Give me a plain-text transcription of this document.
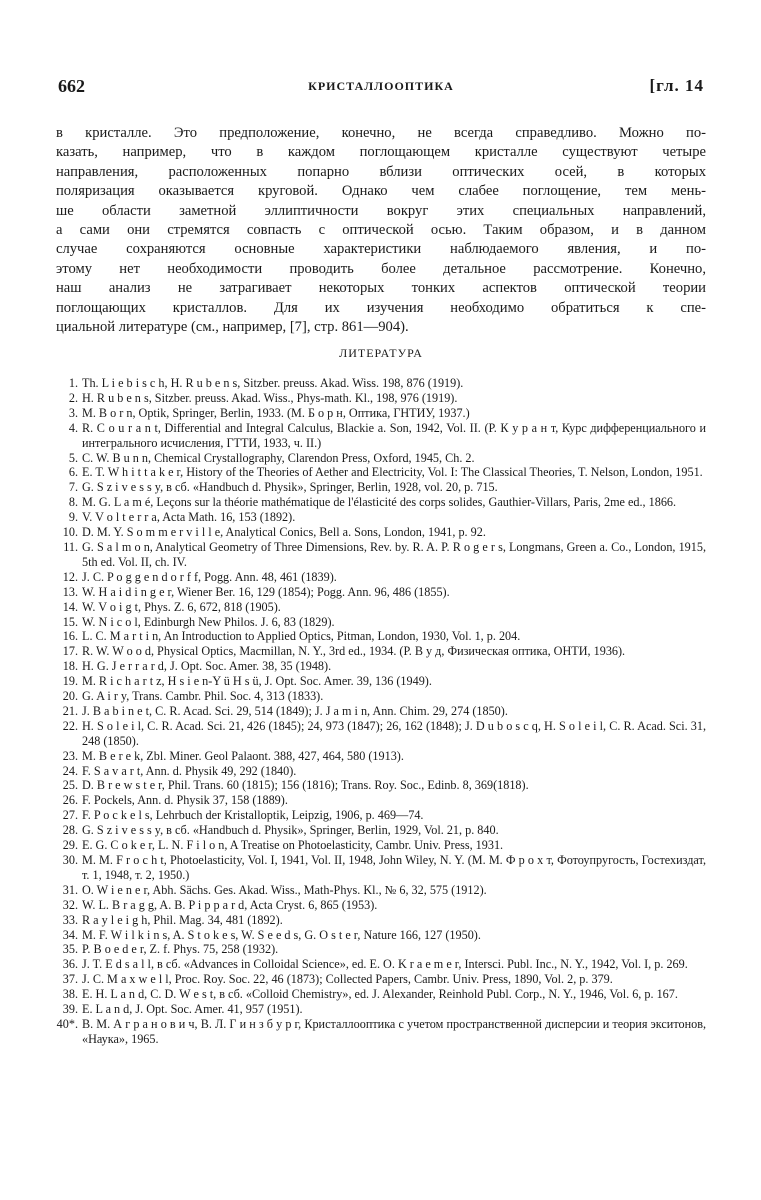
662	КРИСТАЛЛООПТИКА	[гл. 14
в кристалле. Это предположение, конечно, не всегда справедливо. Можно по-
казать, например, что в каждом поглощающем кристалле существуют четыре
направления, расположенных попарно вблизи оптических осей, в которых
поляризация оказывается круговой. Однако чем слабее поглощение, тем мень-
ше области заметной эллиптичности вокруг этих специальных направлений,
а сами они стремятся совпасть с оптической осью. Таким образом, и в данном
случае сохраняются основные характеристики наблюдаемого явления, и по-
этому нет необходимости проводить более детальное рассмотрение. Конечно,
наш анализ не затрагивает некоторых тонких аспектов оптической теории
поглощающих кристаллов. Для их изучения необходимо обратиться к спе-
циальной литературе (см., например, [7], стр. 861—904).
ЛИТЕРАТУРА
1. Th. L i e b i s c h, H. R u b e n s, Sitzber. preuss. Akad. Wiss. 198, 876 (1919).
2. H. R u b e n s, Sitzber. preuss. Akad. Wiss., Phys-math. Kl., 198, 976 (1919).
3. M. B o r n, Optik, Springer, Berlin, 1933. (М. Б о р н, Оптика, ГНТИУ, 1937.)
4. R. C o u r a n t, Differential and Integral Calculus, Blackie a. Son, 1942, Vol. II. (Р. К у р а н т, Курс дифференциального и интегрального исчисления, ГТТИ, 1933, ч. II.)
5. C. W. B u n n, Chemical Crystallography, Clarendon Press, Oxford, 1945, Ch. 2.
6. E. T. W h i t t a k e r, History of the Theories of Aether and Electricity, Vol. I: The Classical Theories, T. Nelson, London, 1951.
7. G. S z i v e s s y, в сб. «Handbuch d. Physik», Springer, Berlin, 1928, vol. 20, p. 715.
8. M. G. L a m é, Leçons sur la théorie mathématique de l'élasticité des corps solides, Gauthier-Villars, Paris, 2me ed., 1866.
9. V. V o l t e r r a, Acta Math. 16, 153 (1892).
10. D. M. Y. S o m m e r v i l l e, Analytical Conics, Bell a. Sons, London, 1941, p. 92.
11. G. S a l m o n, Analytical Geometry of Three Dimensions, Rev. by. R. A. P. R o g e r s, Longmans, Green a. Co., London, 1915, 5th ed. Vol. II, ch. IV.
12. J. C. P o g g e n d o r f f, Pogg. Ann. 48, 461 (1839).
13. W. H a i d i n g e r, Wiener Ber. 16, 129 (1854); Pogg. Ann. 96, 486 (1855).
14. W. V o i g t, Phys. Z. 6, 672, 818 (1905).
15. W. N i c o l, Edinburgh New Philos. J. 6, 83 (1829).
16. L. C. M a r t i n, An Introduction to Applied Optics, Pitman, London, 1930, Vol. 1, p. 204.
17. R. W. W o o d, Physical Optics, Macmillan, N. Y., 3rd ed., 1934. (Р. В у д, Физическая оптика, ОНТИ, 1936).
18. H. G. J e r r a r d, J. Opt. Soc. Amer. 38, 35 (1948).
19. M. R i c h a r t z, H s i e n-Y ü H s ü, J. Opt. Soc. Amer. 39, 136 (1949).
20. G. A i r y, Trans. Cambr. Phil. Soc. 4, 313 (1833).
21. J. B a b i n e t, C. R. Acad. Sci. 29, 514 (1849); J. J a m i n, Ann. Chim. 29, 274 (1850).
22. H. S o l e i l, C. R. Acad. Sci. 21, 426 (1845); 24, 973 (1847); 26, 162 (1848); J. D u b o s c q, H. S o l e i l, C. R. Acad. Sci. 31, 248 (1850).
23. M. B e r e k, Zbl. Miner. Geol Palaont. 388, 427, 464, 580 (1913).
24. F. S a v a r t, Ann. d. Physik 49, 292 (1840).
25. D. B r e w s t e r, Phil. Trans. 60 (1815); 156 (1816); Trans. Roy. Soc., Edinb. 8, 369(1818).
26. F. Pockels, Ann. d. Physik 37, 158 (1889).
27. F. P o c k e l s, Lehrbuch der Kristalloptik, Leipzig, 1906, p. 469—74.
28. G. S z i v e s s y, в сб. «Handbuch d. Physik», Springer, Berlin, 1929, Vol. 21, p. 840.
29. E. G. C o k e r, L. N. F i l o n, A Treatise on Photoelasticity, Cambr. Univ. Press, 1931.
30. M. M. F r o c h t, Photoelasticity, Vol. I, 1941, Vol. II, 1948, John Wiley, N. Y. (М. М. Ф р о х т, Фотоупругость, Гостехиздат, т. 1, 1948, т. 2, 1950.)
31. O. W i e n e r, Abh. Sächs. Ges. Akad. Wiss., Math-Phys. Kl., № 6, 32, 575 (1912).
32. W. L. B r a g g, A. B. P i p p a r d, Acta Cryst. 6, 865 (1953).
33. R a y l e i g h, Phil. Mag. 34, 481 (1892).
34. M. F. W i l k i n s, A. S t o k e s, W. S e e d s, G. O s t e r, Nature 166, 127 (1950).
35. P. B o e d e r, Z. f. Phys. 75, 258 (1932).
36. J. T. E d s a l l, в сб. «Advances in Colloidal Science», ed. E. O. K r a e m e r, Intersci. Publ. Inc., N. Y., 1942, Vol. I, p. 269.
37. J. C. M a x w e l l, Proc. Roy. Soc. 22, 46 (1873); Collected Papers, Cambr. Univ. Press, 1890, Vol. 2, p. 379.
38. E. H. L a n d, C. D. W e s t, в сб. «Colloid Chemistry», ed. J. Alexander, Reinhold Publ. Corp., N. Y., 1946, Vol. 6, p. 167.
39. E. L a n d, J. Opt. Soc. Amer. 41, 957 (1951).
40*. В. М. А г р а н о в и ч, В. Л. Г и н з б у р г, Кристаллооптика с учетом пространственной дисперсии и теория экситонов, «Наука», 1965.
